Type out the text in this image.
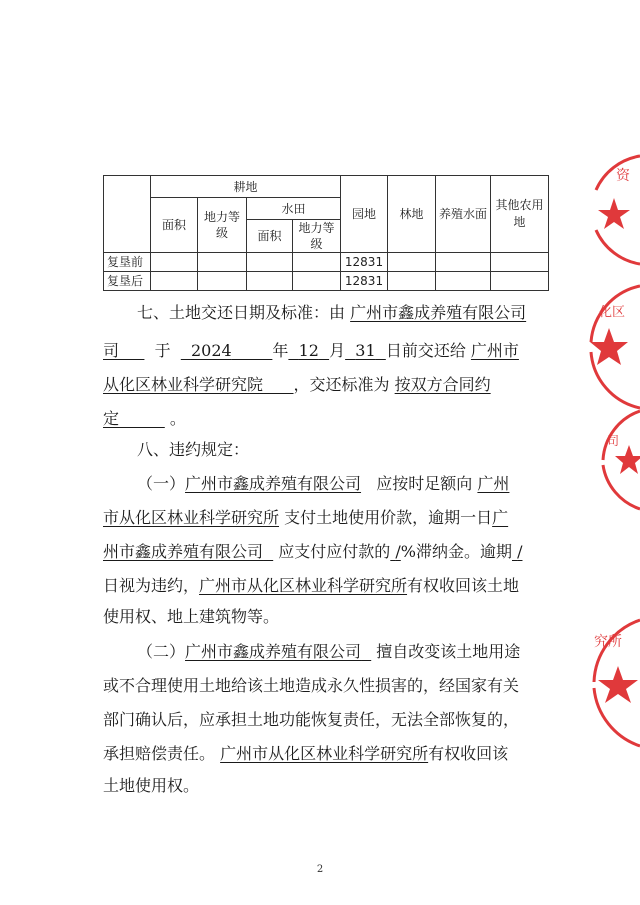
	耕地				园地	林地	养殖水面	其他农用地
	面积	地力等级	水田					
			面积	地力等级				
复垦前					12831			
复垦后					12831			
七、土地交还日期及标准：由 广州市鑫成养殖有限公司
司       于 2024	年 12 月 31 日前交还给 广州市
从化区林业科学研究院 ，交还标准为 按双方合同约
定	。
八、违约规定：
（一）广州市鑫成养殖有限公司 应按时足额向 广州
市从化区林业科学研究所 支付土地使用价款，逾期一日广
州市鑫成养殖有限公司 应支付应付款的 /%滞纳金。逾期 /
日视为违约，广州市从化区林业科学研究所有权收回该土地
使用权、地上建筑物等。
（二）广州市鑫成养殖有限公司 擅自改变该土地用途
或不合理使用土地给该土地造成永久性损害的，经国家有关
部门确认后，应承担土地功能恢复责任，无法全部恢复的，
承担赔偿责任。 广州市从化区林业科学研究所有权收回该
土地使用权。
2
资
化区
司
究所
